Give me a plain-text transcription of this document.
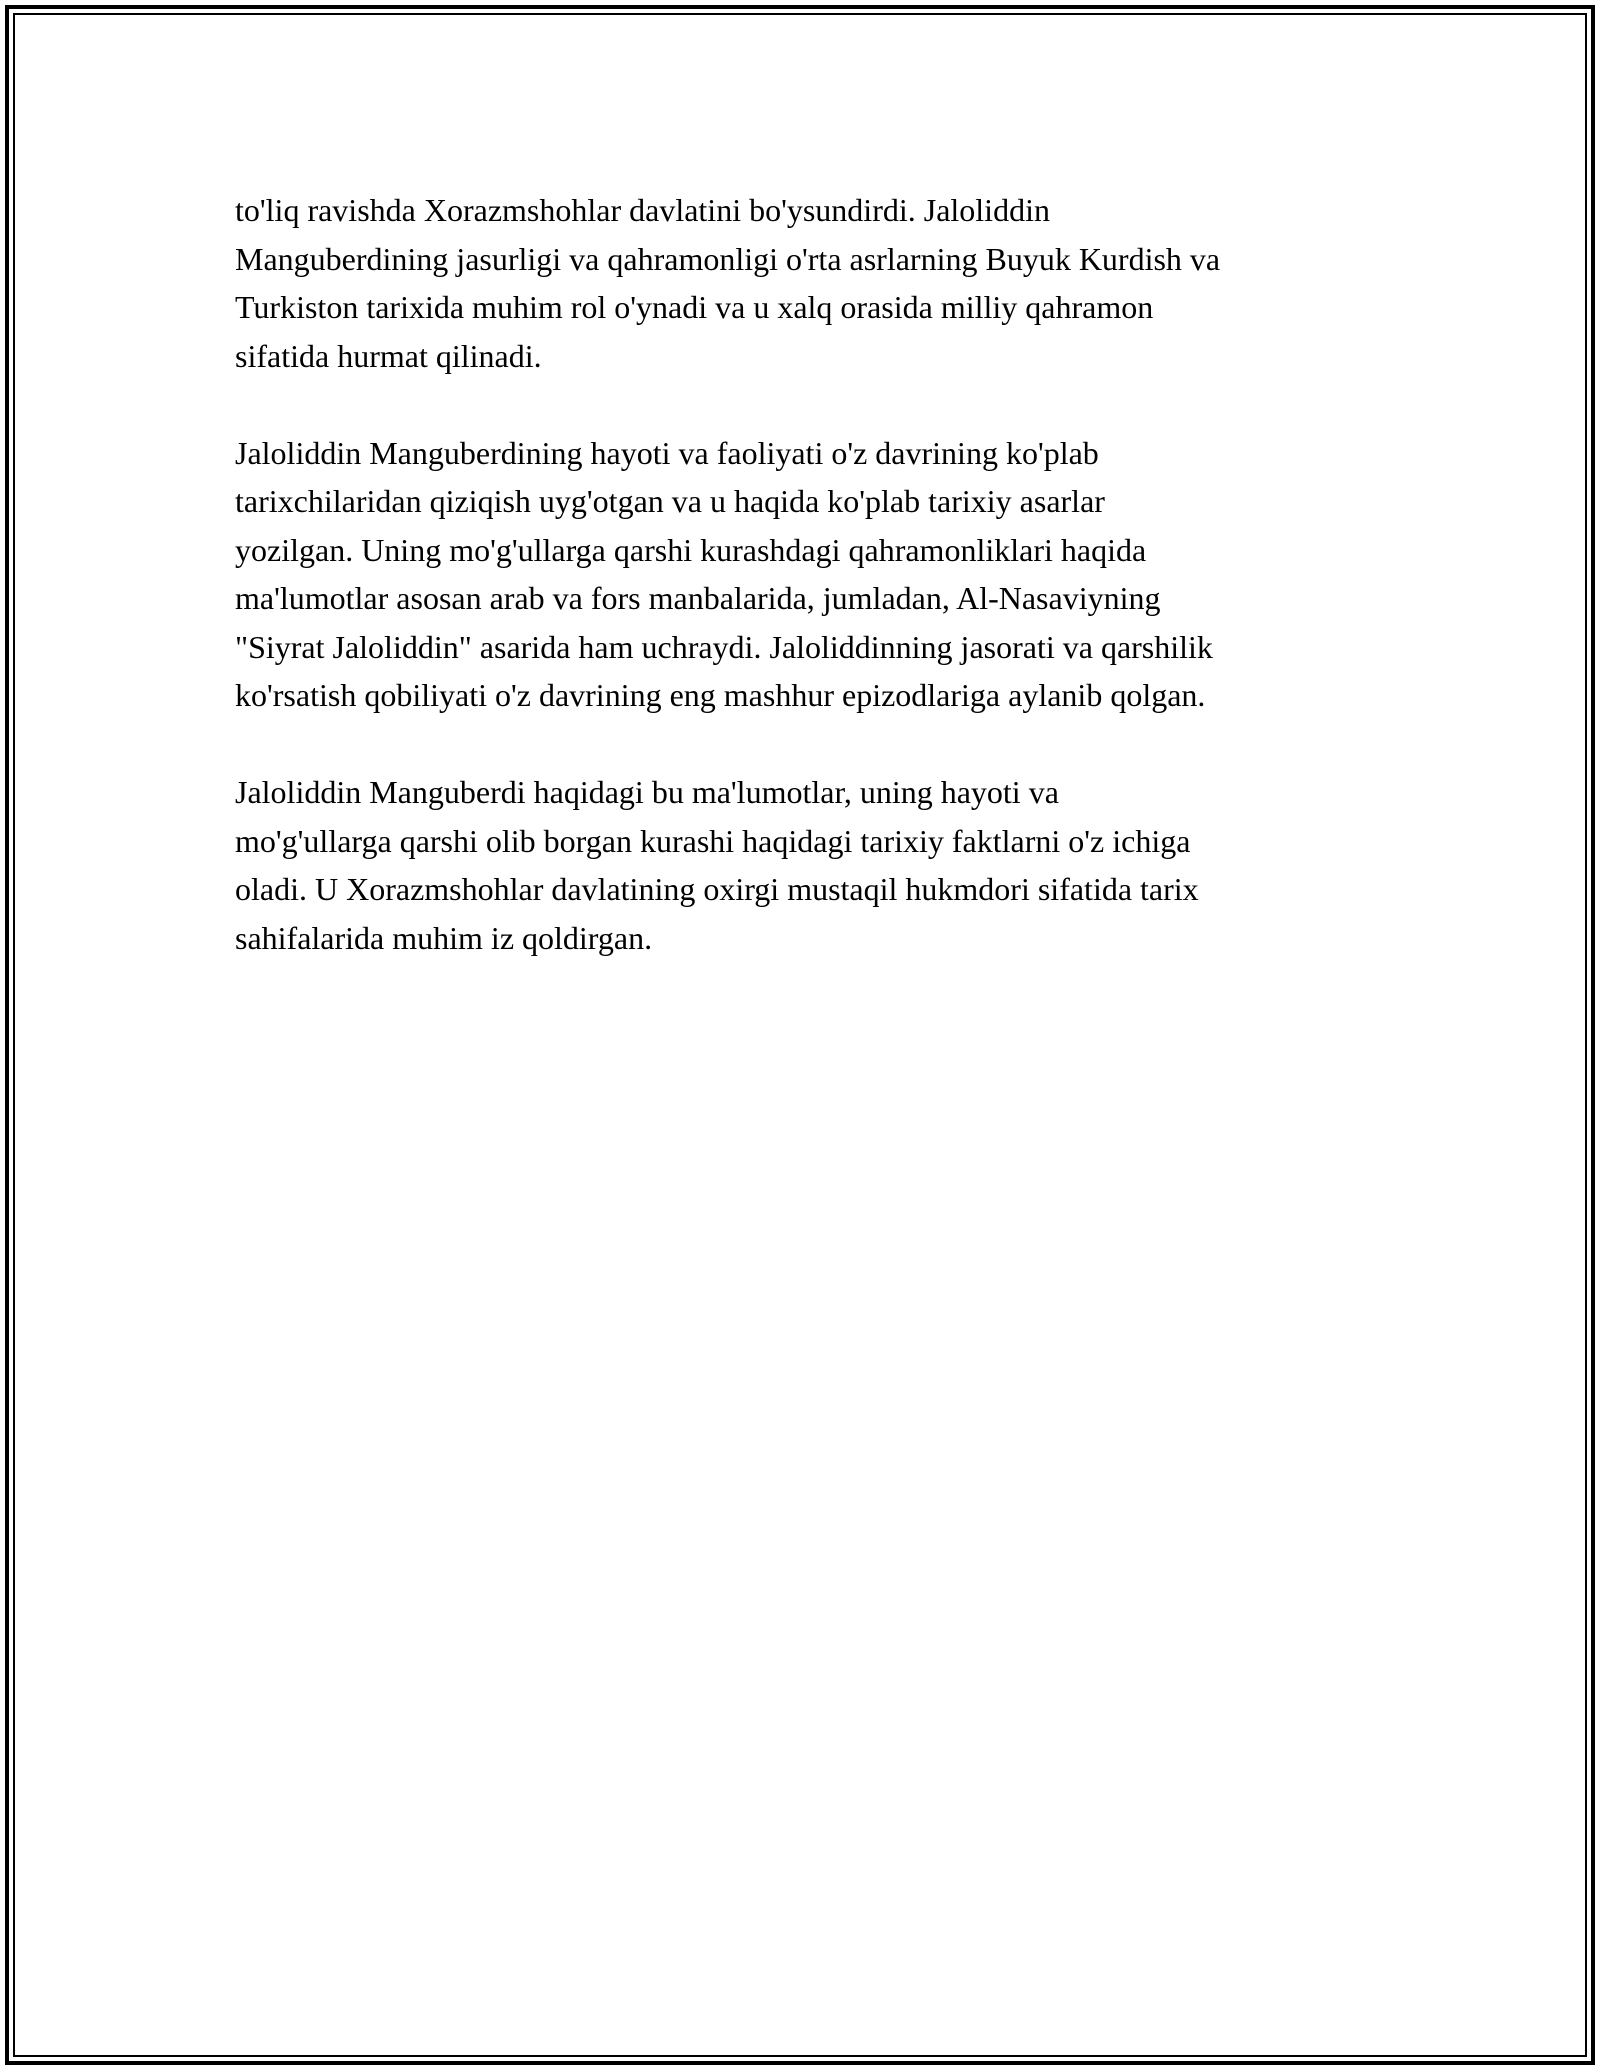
to'liq ravishda Xorazmshohlar davlatini bo'ysundirdi. Jaloliddin
Manguberdining jasurligi va qahramonligi o'rta asrlarning Buyuk Kurdish va
Turkiston tarixida muhim rol o'ynadi va u xalq orasida milliy qahramon
sifatida hurmat qilinadi.

Jaloliddin Manguberdining hayoti va faoliyati o'z davrining ko'plab
tarixchilaridan qiziqish uyg'otgan va u haqida ko'plab tarixiy asarlar
yozilgan. Uning mo'g'ullarga qarshi kurashdagi qahramonliklari haqida
ma'lumotlar asosan arab va fors manbalarida, jumladan, Al-Nasaviyning
"Siyrat Jaloliddin" asarida ham uchraydi. Jaloliddinning jasorati va qarshilik
ko'rsatish qobiliyati o'z davrining eng mashhur epizodlariga aylanib qolgan.

Jaloliddin Manguberdi haqidagi bu ma'lumotlar, uning hayoti va
mo'g'ullarga qarshi olib borgan kurashi haqidagi tarixiy faktlarni o'z ichiga
oladi. U Xorazmshohlar davlatining oxirgi mustaqil hukmdori sifatida tarix
sahifalarida muhim iz qoldirgan.
